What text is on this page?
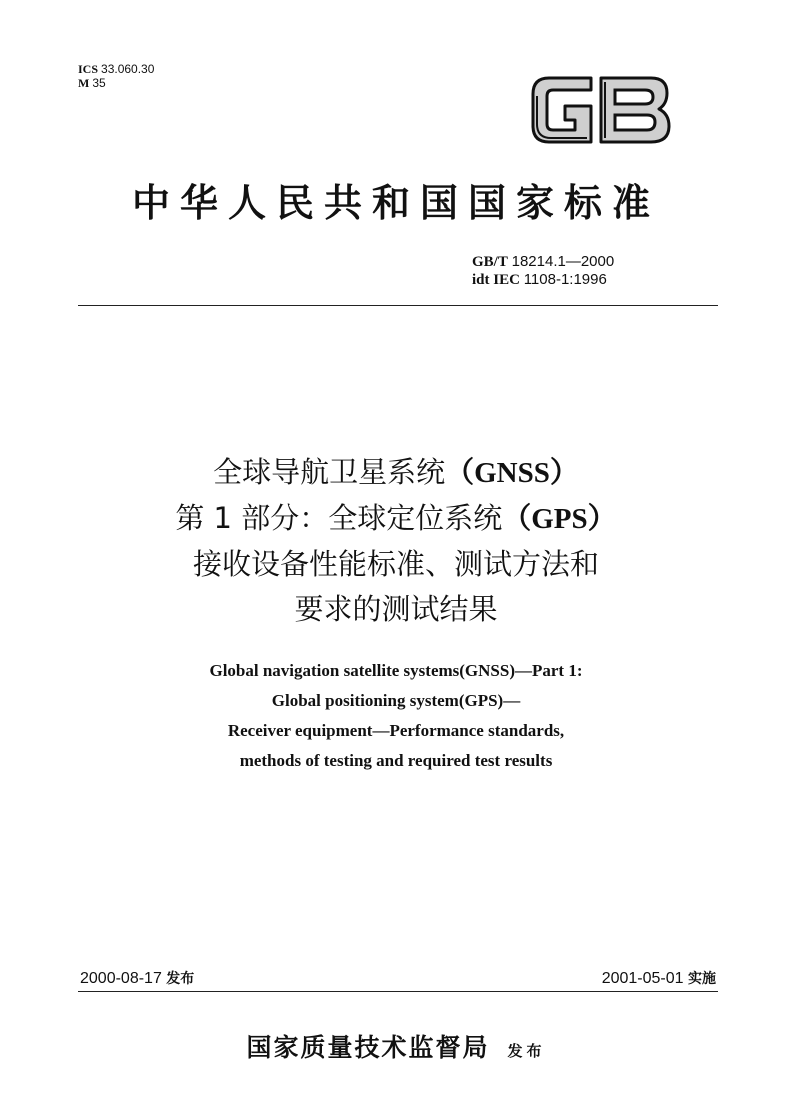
ICS 33.060.30
M 35
中华人民共和国国家标准
GB/T 18214.1—2000
idt IEC 1108-1:1996
全球导航卫星系统（GNSS）
第 1 部分：全球定位系统（GPS）
接收设备性能标准、测试方法和
要求的测试结果
Global navigation satellite systems(GNSS)—Part 1:
Global positioning system(GPS)—
Receiver equipment—Performance standards,
methods of testing and required test results
2000-08-17 发布	2001-05-01 实施
国家质量技术监督局 发布
